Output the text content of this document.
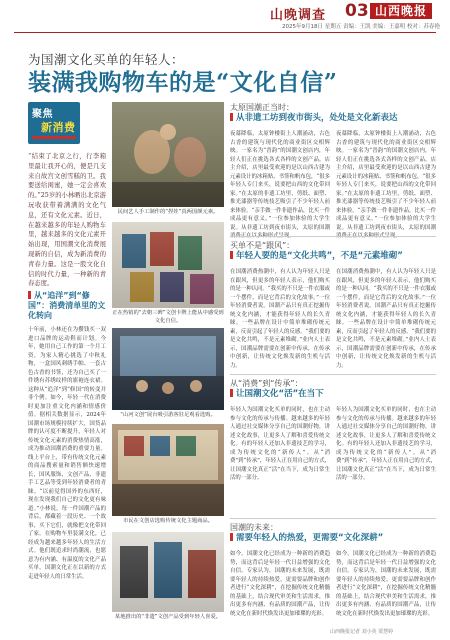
山晚调查 03 山西晚报
2025年9月18日 星期五 责编：王凯 美编：王嘉明 校对：苏春艳
为国潮文化买单的年轻人：
装满我购物车的是“文化自信”
聚焦
新消费
“结束了北京之行，行李箱里最让我开心的，便是几支来自故宫文创雪糕的卫。我要送给闺蜜，她一定会喜欢的。”25岁的小林晒出北京游玩收获带着满满的文化气息，还有文化元素。近日，在越来越多的年轻人购物车里，越来越多的文化元素开始出现，用国潮文化消费展现新的自信，成为新消费的青春力量。这是一股文化自信的时代力量，一种新的青春态度。
从“追洋”到“修国”：消费清单里的文化转向
十年前，小林还在为攒钱买一双进口品牌的运动鞋而计划。今年，她用自己工作的第一个月工资，为家人精心挑选了中秋礼物，一盒国风刺绣手帕、一套古色古香的书签，还为自己买了一件绣有苏绣纹样的旗袍连衣裙。这种从“追洋”到“修国”的转变并非个例。如今，年轻一代在消费时更加注重文化内涵和情感价值。据相关数据显示，2024年国潮市场规模持续扩大，国货品牌的认可度不断提升，年轻人对传统文化元素的消费热情高涨，成为推动国潮消费的重要力量。线上平台上，带有传统文化元素的商品搜索量和销售额快速增长，国风服饰、文创产品、非遗手工艺品等受到年轻消费者的青睐。“以前觉得国外的东西好，现在发现我们自己的文化更有味道。”小林说，每一件国潮产品的背后，都藏着一段历史、一个故事，买下它们，就像把文化带回了家。在购物车里装满文化，已经成为越来越多年轻人的生活方式。他们既追求时尚潮流，也愿意为有内涵、有温度的文化产品买单，国潮文化正在以新的方式走进年轻人的日常生活。
民间艺人手工制作的“捏娃”真两国颜元素。
正在热销的“去朝三碑”文创卡牌上能从中感受到文化自信。
“山河文创”展台吸引游客驻足观看选购。
市民在文创店选购传统文化主题商品。
某地推出的“非遗”文创产品受到年轻人喜爱。
太原国潮正当时：
从非遗工坊到夜市街头，处处是文化新表达
夜幕降临，太原钟楼街上人潮涌动，古色古香的建筑与现代化的商业街区交相辉映。一家名为“晋韵”的国潮文创店内，年轻人们正在挑选各式各样的文创产品。店主介绍，店里最受欢迎的是以山西古建为元素设计的冰箱贴、书签和帆布包，“很多年轻人专门来买，说要把山西的文化带回家。”在太原的非遗工坊里，剪纸、面塑、推光漆器等传统技艺吸引了不少年轻人前来体验。“亲手做一件非遗作品，比买一件成品更有意义。”一位参加体验的大学生说。从非遗工坊到夜市街头，太原的国潮
夜幕降临，太原钟楼街上人潮涌动，古色古香的建筑与现代化的商业街区交相辉映。一家名为“晋韵”的国潮文创店内，年轻人们正在挑选各式各样的文创产品。店主介绍，店里最受欢迎的是以山西古建为元素设计的冰箱贴、书签和帆布包，“很多年轻人专门来买，说要把山西的文化带回家。”在太原的非遗工坊里，剪纸、面塑、推光漆器等传统技艺吸引了不少年轻人前来体验。“亲手做一件非遗作品，比买一件成品更有意义。”一位参加体验的大学生说。从非遗工坊到夜市街头，太原的国潮
买单不是“跟风”：
年轻人要的是“文化共鸣”，不是“元素堆砌”
在国潮消费热潮中，有人认为年轻人只是在跟风，但更多的年轻人表示，他们购买的是一种认同。“我买的不只是一件衣服或一个摆件，而是它背后的文化故事。”一位年轻消费者说。国潮产品只有真正挖掘传统文化内涵，才能获得年轻人的长久青睐。一些品牌在设计中简单堆砌传统元素，反而引起了年轻人的反感。“我们要的是文化共鸣，不是元素堆砌。”业内人士表示，国潮品牌需要在创新中传承，在传承中创新，让传统文化焕发新的生机与活力。
在国潮消费热潮中，有人认为年轻人只是在跟风，但更多的年轻人表示，他们购买的是一种认同。“我买的不只是一件衣服或一个摆件，而是它背后的文化故事。”一位年轻消费者说。国潮产品只有真正挖掘传统文化内涵，才能获得年轻人的长久青睐。一些品牌在设计中简单堆砌传统元素，反而引起了年轻人的反感。“我们要的是文化共鸣，不是元素堆砌。”业内人士表示，国潮品牌需要在创新中传承，在传承中创新，让传统文化焕发新的生机与活力。
从“消费”到“传承”：
让国潮文化“活”在当下
年轻人为国潮文化买单的同时，也在主动参与文化的传承与传播。越来越多的年轻人通过社交媒体分享自己的国潮好物，讲述文化故事，让更多人了解和喜爱传统文化。有的年轻人还加入非遗技艺的学习，成为传统文化的“新传人”。从“消费”到“传承”，年轻人正在用自己的方式，让国潮文化真正“活”在当下，成为日常生活的一部分。
年轻人为国潮文化买单的同时，也在主动参与文化的传承与传播。越来越多的年轻人通过社交媒体分享自己的国潮好物，讲述文化故事，让更多人了解和喜爱传统文化。有的年轻人还加入非遗技艺的学习，成为传统文化的“新传人”。从“消费”到“传承”，年轻人正在用自己的方式，让国潮文化真正“活”在当下，成为日常生活的一部分。
国潮的未来：
需要年轻人的热爱，更需要“文化深耕”
如今，国潮文化已经成为一种新的消费趋势，而这背后是年轻一代日益增强的文化自信。专家认为，国潮的未来发展，既需要年轻人的持续热爱，更需要品牌和创作者进行“文化深耕”，在挖掘传统文化精髓的基础上，结合现代审美和生活需求，推出更多有内涵、有品质的国潮产品，让传统文化在新时代焕发出更加璀璨的光彩。
如今，国潮文化已经成为一种新的消费趋势，而这背后是年轻一代日益增强的文化自信。专家认为，国潮的未来发展，既需要年轻人的持续热爱，更需要品牌和创作者进行“文化深耕”，在挖掘传统文化精髓的基础上，结合现代审美和生活需求，推出更多有内涵、有品质的国潮产品，让传统文化在新时代焕发出更加璀璨的光彩。
山西晚报记者 刘小英 贾慧婷
